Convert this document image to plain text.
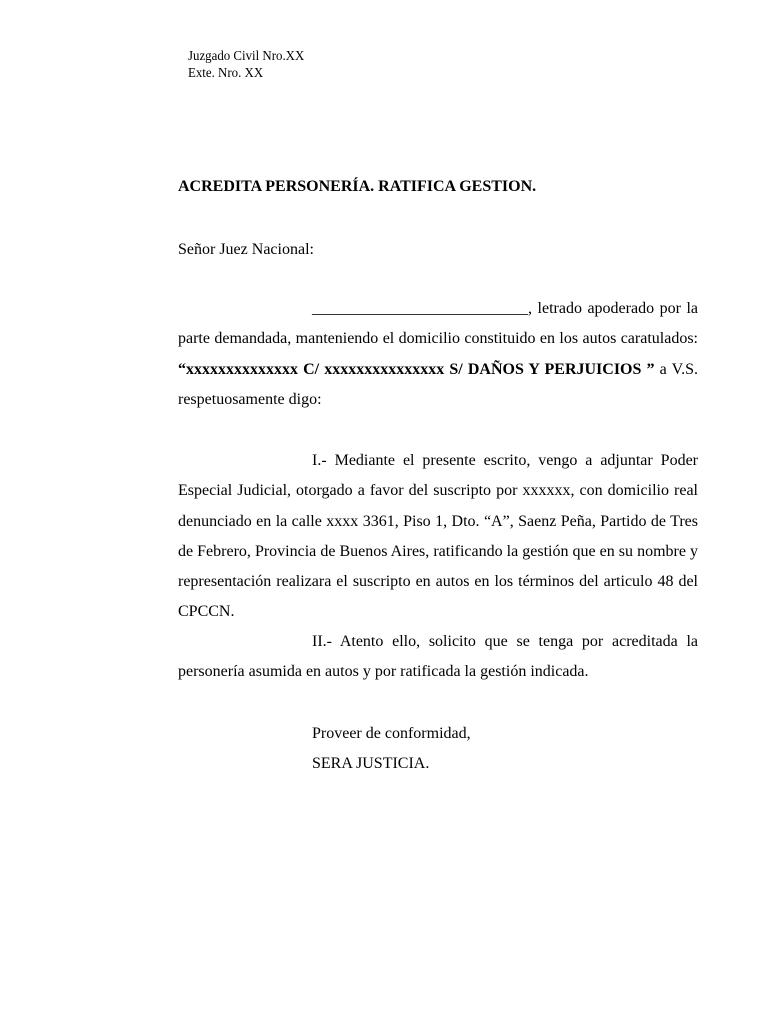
Juzgado Civil Nro.XX
Exte. Nro. XX
ACREDITA PERSONERÍA. RATIFICA GESTION.
Señor Juez Nacional:
___________________________, letrado apoderado por la parte demandada, manteniendo el domicilio constituido en los autos caratulados: “xxxxxxxxxxxxxx C/ xxxxxxxxxxxxxxx S/ DAÑOS Y PERJUICIOS ” a V.S. respetuosamente digo:
I.- Mediante el presente escrito, vengo a adjuntar Poder Especial Judicial, otorgado a favor del suscripto por xxxxxx, con domicilio real denunciado en la calle xxxx 3361, Piso 1, Dto. “A”, Saenz Peña, Partido de Tres de Febrero, Provincia de Buenos Aires, ratificando la gestión que en su nombre y representación realizara el suscripto en autos en los términos del articulo 48 del CPCCN.
II.- Atento ello, solicito que se tenga por acreditada la personería asumida en autos y por ratificada la gestión indicada.
Proveer de conformidad,
SERA JUSTICIA.
